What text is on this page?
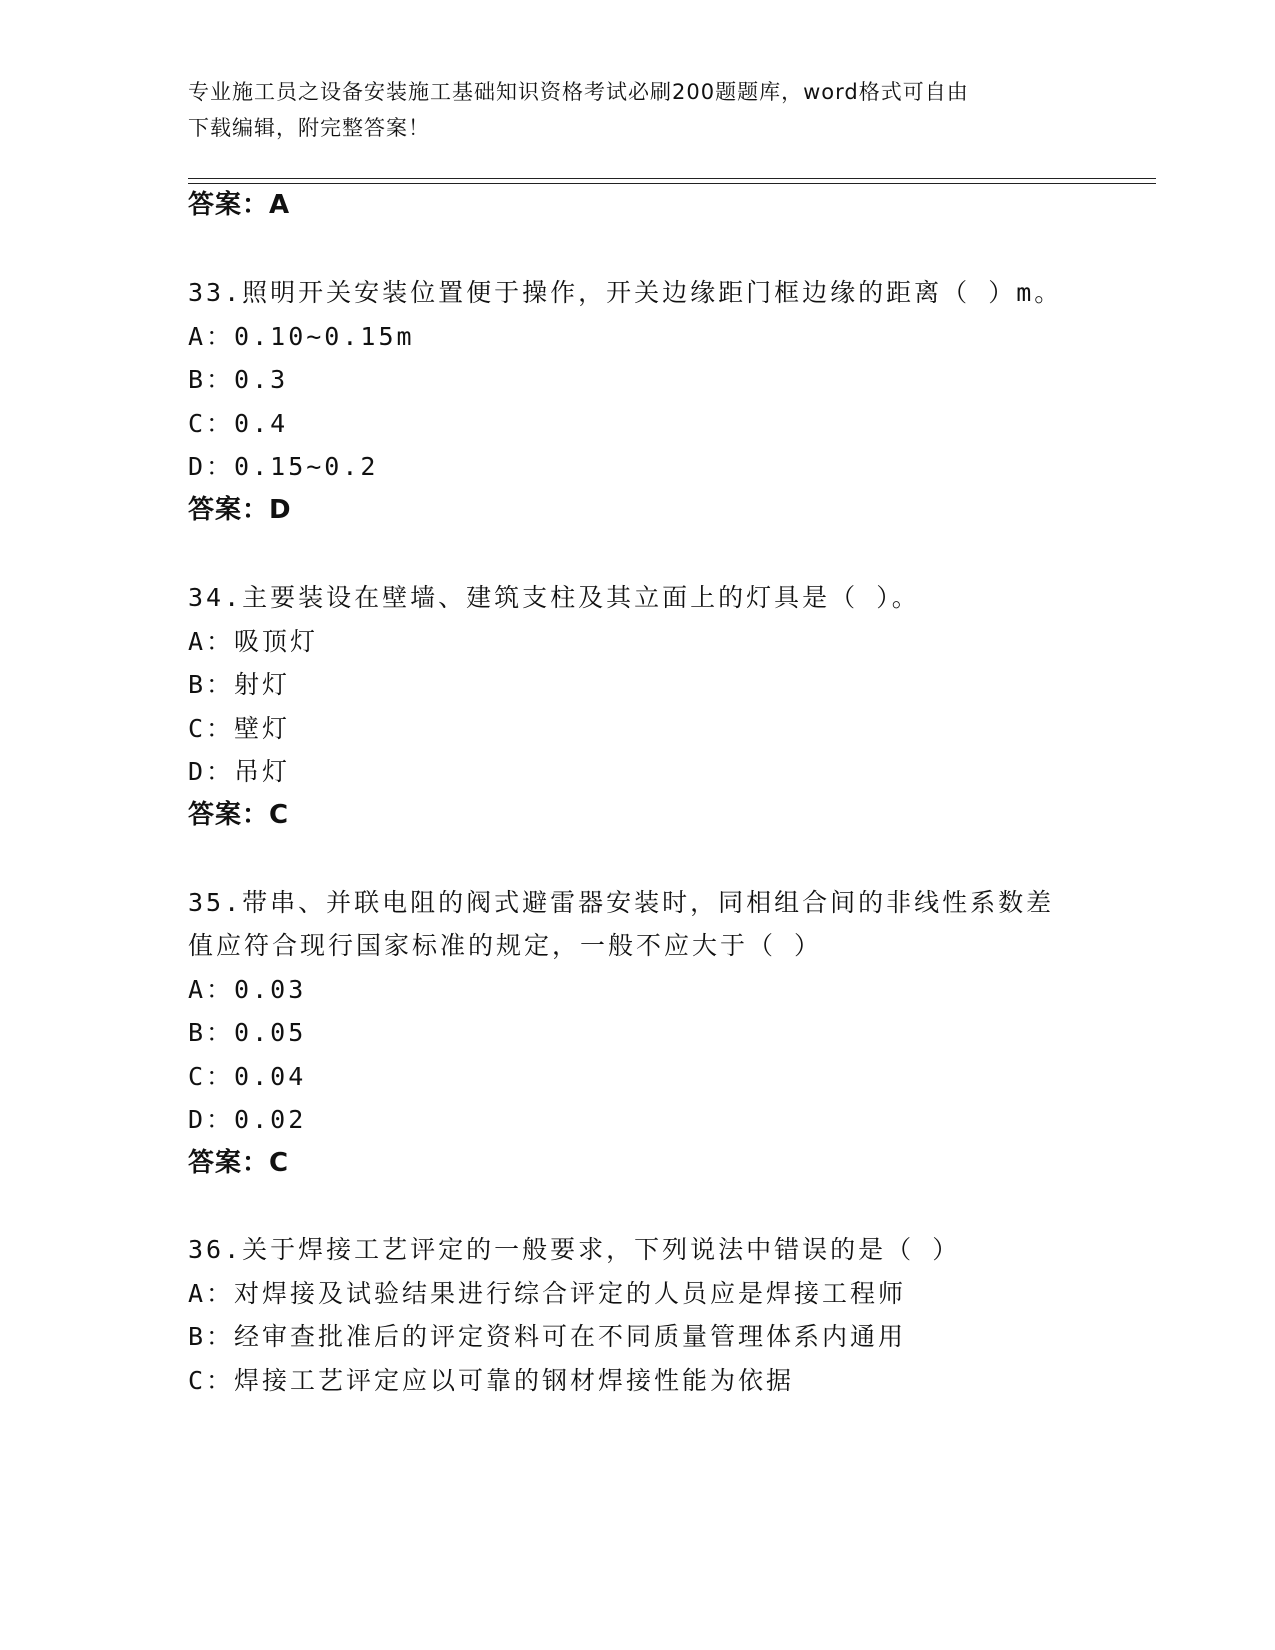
专业施工员之设备安装施工基础知识资格考试必刷200题题库，word格式可自由
下载编辑，附完整答案！
答案：A
33.照明开关安装位置便于操作，开关边缘距门框边缘的距离（ ）m。
A：0.10~0.15m
B：0.3
C：0.4
D：0.15~0.2
答案：D
34.主要装设在壁墙、建筑支柱及其立面上的灯具是（ ）。
A：吸顶灯
B：射灯
C：壁灯
D：吊灯
答案：C
35.带串、并联电阻的阀式避雷器安装时，同相组合间的非线性系数差
值应符合现行国家标准的规定，一般不应大于（ ）
A：0.03
B：0.05
C：0.04
D：0.02
答案：C
36.关于焊接工艺评定的一般要求，下列说法中错误的是（ ）
A：对焊接及试验结果进行综合评定的人员应是焊接工程师
B：经审查批准后的评定资料可在不同质量管理体系内通用
C：焊接工艺评定应以可靠的钢材焊接性能为依据
